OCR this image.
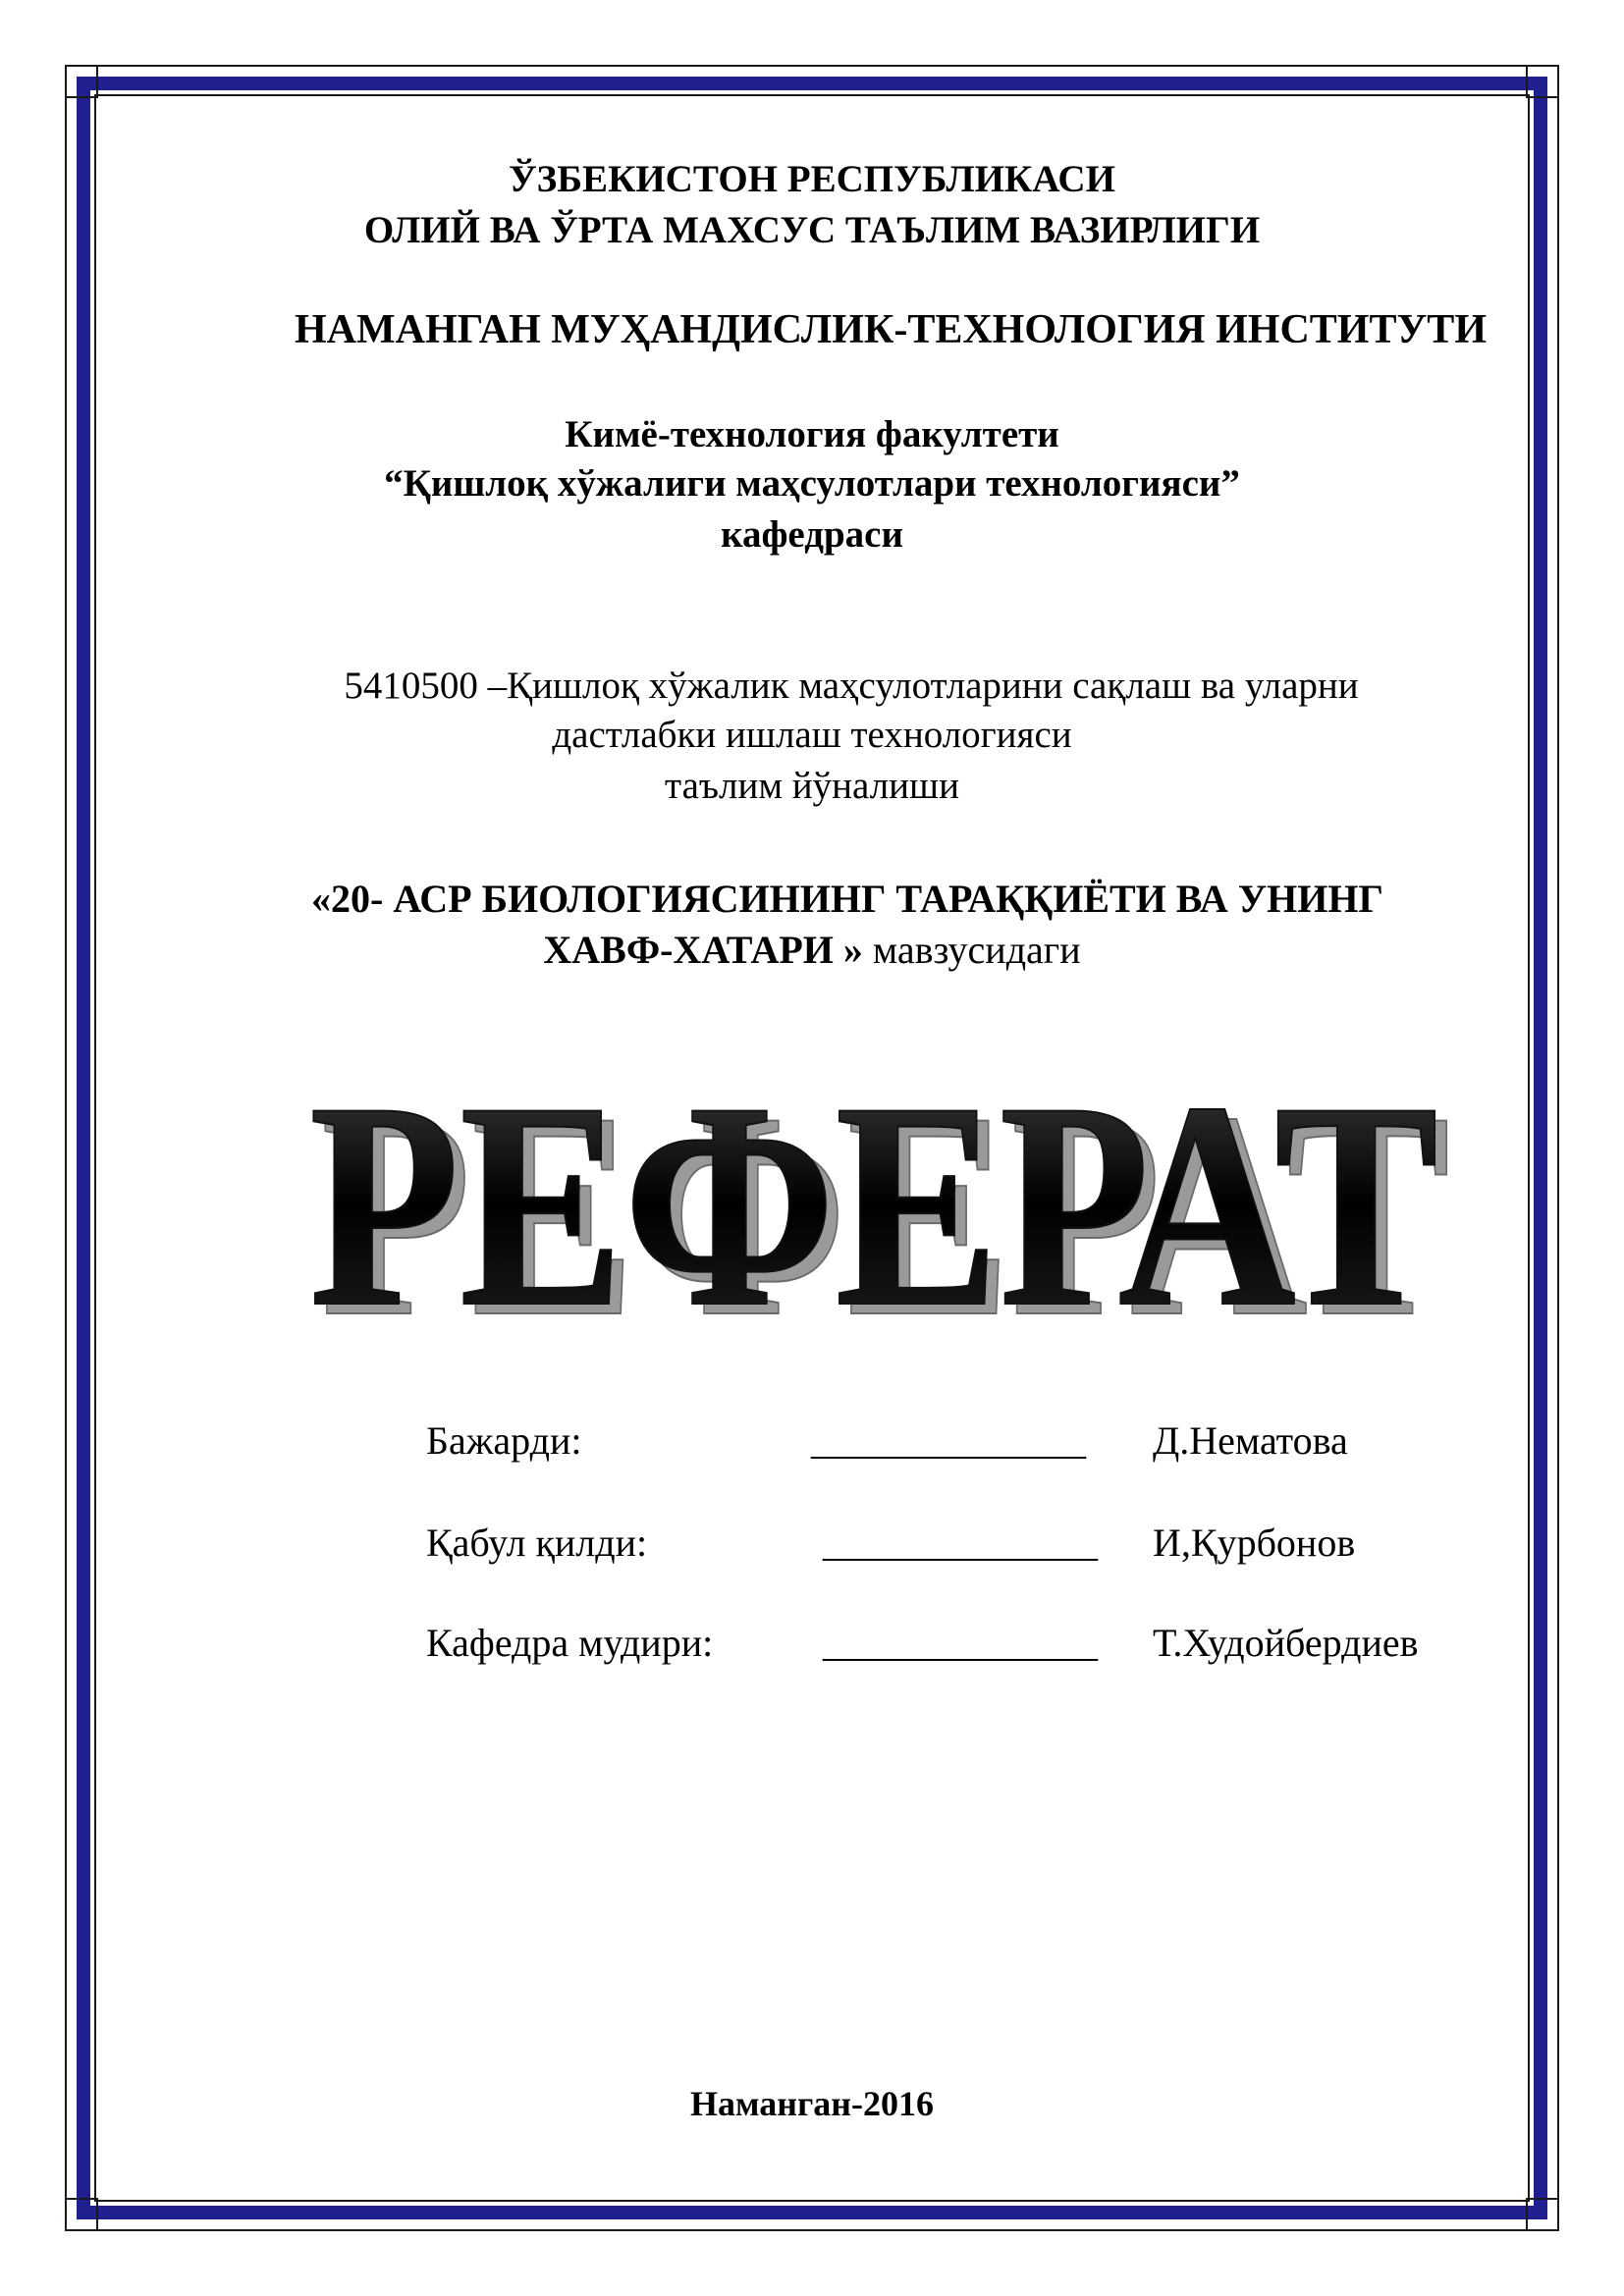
ЎЗБЕКИСТОН РЕСПУБЛИКАСИ
ОЛИЙ ВА ЎРТА МАХСУС ТАЪЛИМ ВАЗИРЛИГИ
НАМАНГАН МУҲАНДИСЛИК-ТЕХНОЛОГИЯ ИНСТИТУТИ
Кимё-технология факултети
“Қишлоқ хўжалиги маҳсулотлари технологияси”
кафедраси
5410500 –Қишлоқ хўжалик маҳсулотларини сақлаш ва уларни
дастлабки ишлаш технологияси
таълим йўналиши
«20- АСР БИОЛОГИЯСИНИНГ ТАРАҚҚИЁТИ ВА УНИНГ
ХАВФ-ХАТАРИ » мавзусидаги
РЕФЕРАТ
РЕФЕРАТ
Бажарди:	______________ Д.Нематова
Қабул қилди:	______________ И,Қурбонов
Кафедра мудири:	______________ Т.Худойбердиев
Наманган-2016
